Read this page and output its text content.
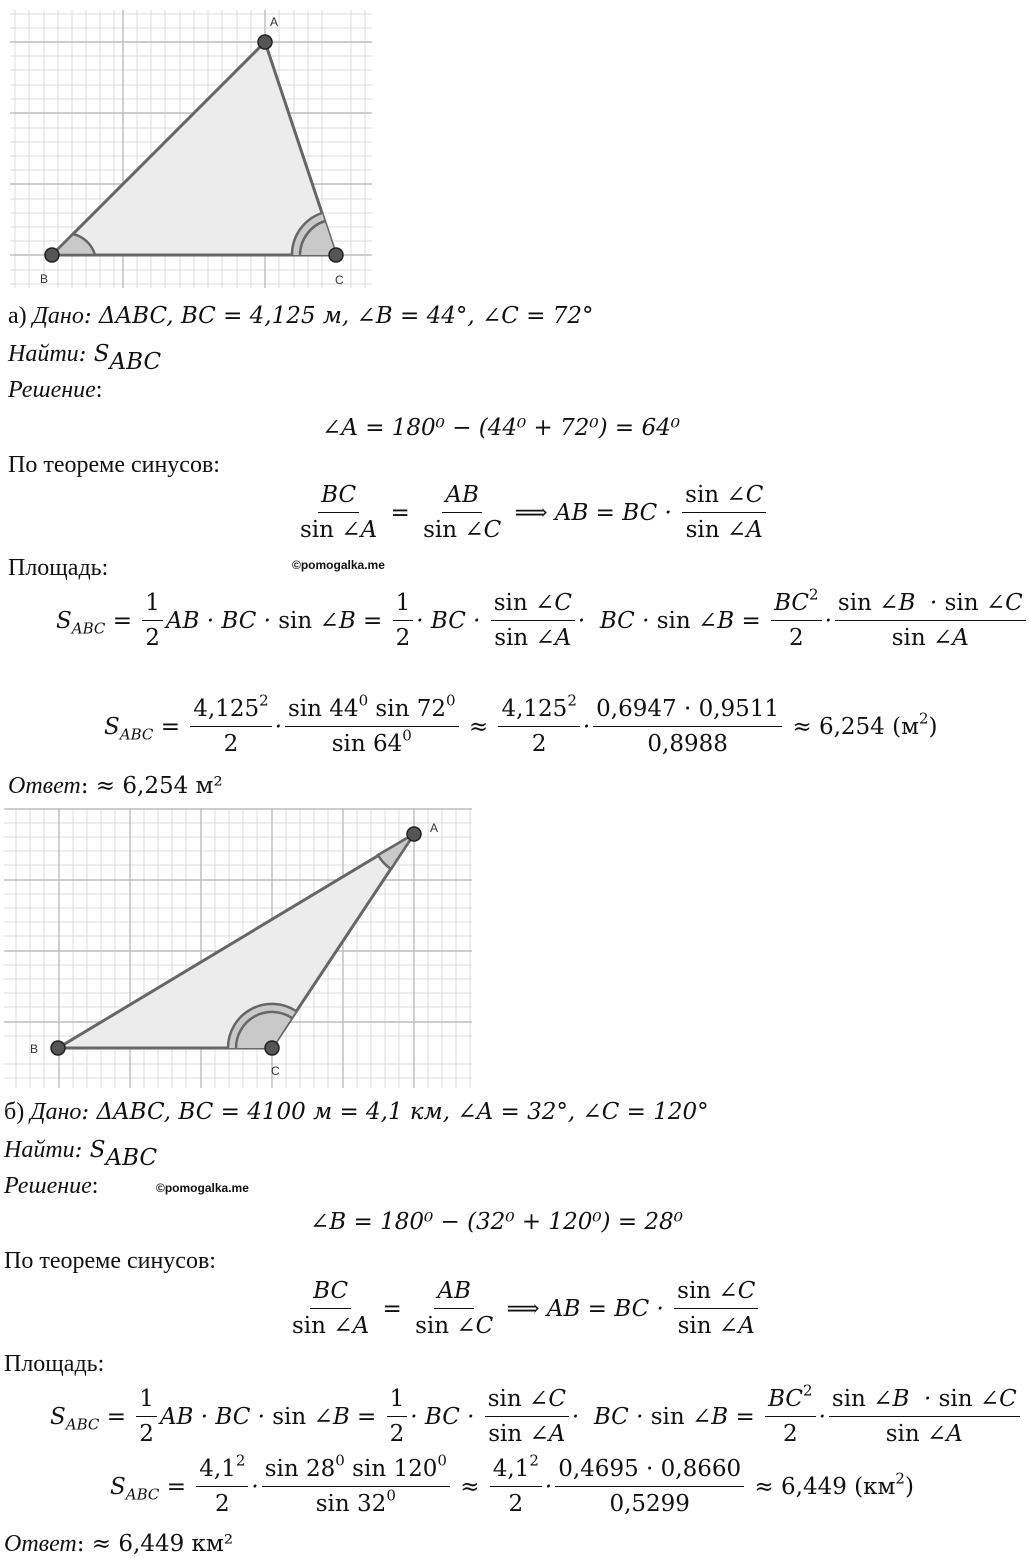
A
B	C
а) Дано: ΔABC, BC = 4,125 м, ∠B = 44°, ∠C = 72°
Найти: $S_{ABC}$
Решение:
∠A = 180⁰ − (44⁰ + 72⁰) = 64⁰
По теореме синусов:
$\frac{BC}{\sin \angle A} = \frac{AB}{\sin \angle C}$ ⟹ AB = BC · $\frac{\sin \angle C}{\sin \angle A}$
Площадь:	©pomogalka.me
$S_{ABC} = \frac{1}{2}$ AB · BC · sin ∠B = $\frac{1}{2}$ · BC · $\frac{\sin \angle C}{\sin \angle A}$ ·  BC · sin ∠B = $\frac{BC^2}{2} \cdot \frac{\sin \angle B \cdot \sin \angle C}{\sin \angle A}$
$S_{ABC} = \frac{4,125^2}{2} \cdot \frac{\sin 44^0 \sin 72^0}{\sin 64^0} \approx \frac{4,125^2}{2} \cdot \frac{0,6947 \cdot 0,9511}{0,8988} \approx 6,254$ $(м^2)$
Ответ: ≈ 6,254 м²
A
B
C
б) Дано: ΔABC, BC = 4100 м = 4,1 км, ∠A = 32°, ∠C = 120°
Найти: $S_{ABC}$
Решение:	©pomogalka.me
∠B = 180⁰ − (32⁰ + 120⁰) = 28⁰
По теореме синусов:
$\frac{BC}{\sin \angle A} = \frac{AB}{\sin \angle C}$ ⟹ AB = BC · $\frac{\sin \angle C}{\sin \angle A}$
Площадь:
$S_{ABC} = \frac{1}{2}$ AB · BC · sin ∠B = $\frac{1}{2}$ · BC · $\frac{\sin \angle C}{\sin \angle A}$ ·  BC · sin ∠B = $\frac{BC^2}{2} \cdot \frac{\sin \angle B \cdot \sin \angle C}{\sin \angle A}$
$S_{ABC} = \frac{4,1^2}{2} \cdot \frac{\sin 28^0 \sin 120^0}{\sin 32^0} \approx \frac{4,1^2}{2} \cdot \frac{0,4695 \cdot 0,8660}{0,5299} \approx 6,449$ $(км^2)$
Ответ: ≈ 6,449 км²
